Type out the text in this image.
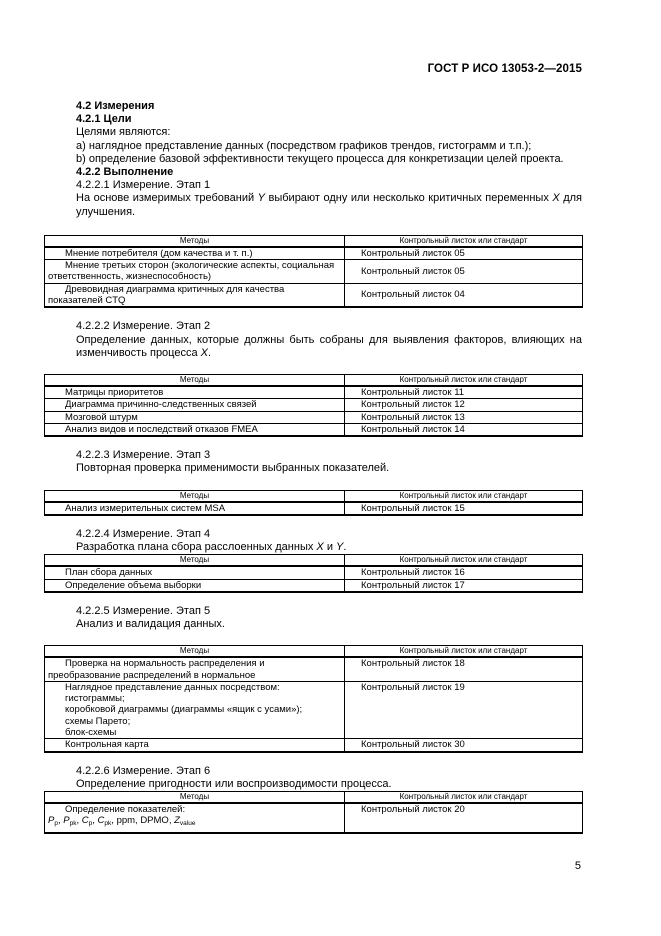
ГОСТ Р ИСО 13053-2—2015

4.2 Измерения

4.2.1 Цели

Целями являются:

a) наглядное представление данных (посредством графиков трендов, гистограмм и т.п.);

b) определение базовой эффективности текущего процесса для конкретизации целей проекта.

4.2.2 Выполнение

4.2.2.1 Измерение. Этап 1

На основе измеримых требований Y выбирают одну или несколько критичных переменных X для улучшения.

Методы	Контрольный листок или стандарт
Мнение потребителя (дом качества и т. п.)	Контрольный листок 05

Мнение третьих сторон (экологические аспекты, социальная ответственность, жизнеспособность)	Контрольный листок 05

Древовидная диаграмма критичных для качества показателей CTQ	Контрольный листок 04

4.2.2.2 Измерение. Этап 2

Определение данных, которые должны быть собраны для выявления факторов, влияющих на изменчивость процесса X.

Методы	Контрольный листок или стандарт
Матрицы приоритетов	Контрольный листок 11
Диаграмма причинно-следственных связей	Контрольный листок 12
Мозговой штурм	Контрольный листок 13
Анализ видов и последствий отказов FMEA	Контрольный листок 14

4.2.2.3 Измерение. Этап 3

Повторная проверка применимости выбранных показателей.

Методы	Контрольный листок или стандарт
Анализ измерительных систем MSA	Контрольный листок 15

4.2.2.4 Измерение. Этап 4

Разработка плана сбора расслоенных данных X и Y.

Методы	Контрольный листок или стандарт
План сбора данных	Контрольный листок 16
Определение объема выборки	Контрольный листок 17

4.2.2.5 Измерение. Этап 5

Анализ и валидация данных.

Методы	Контрольный листок или стандарт

Проверка на нормальность распределения и
преобразование распределений в нормальное	Контрольный листок 18

Наглядное представление данных посредством:
гистограммы;
коробковой диаграммы (диаграммы «ящик с усами»);
схемы Парето;
блок-схемы	Контрольный листок 19
Контрольная карта	Контрольный листок 30

4.2.2.6 Измерение. Этап 6

Определение пригодности или воспроизводимости процесса.

Методы	Контрольный листок или стандарт

Определение показателей:
$P_p$, $P_{pk}$, $C_p$, $C_{pk}$, ppm, DPMO, $Z_{value}$	Контрольный листок 20
5
